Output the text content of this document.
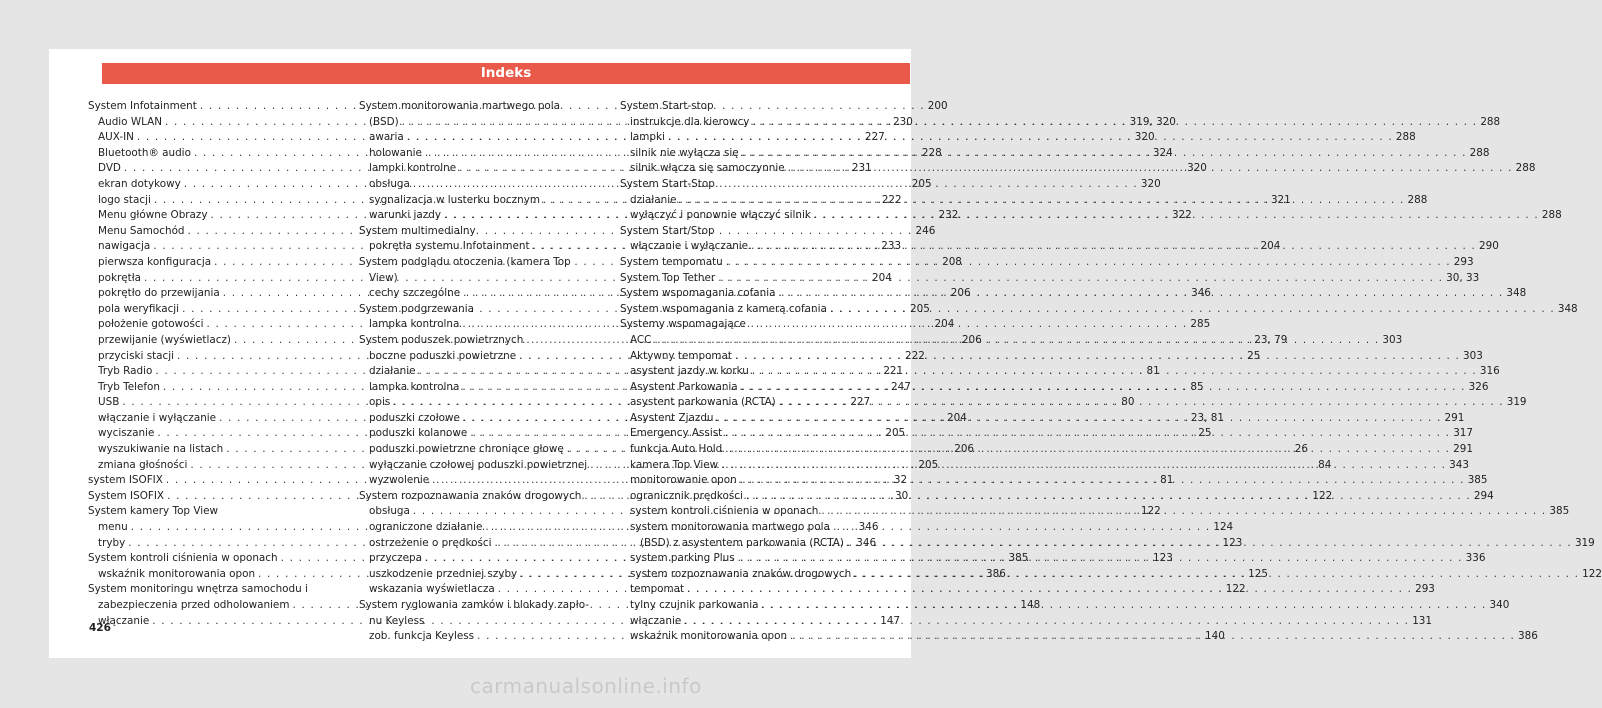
Indeks
System Infotainment . . .	200
Audio WLAN . . .	230
AUX-IN . . .	227
Bluetooth® audio . . .	228
DVD . . .	231
ekran dotykowy . . .	205
logo stacji . . .	222
Menu główne Obrazy . . .	232
Menu Samochód . . .	246
nawigacja . . .	233
pierwsza konfiguracja . . .	208
pokrętła . . .	204
pokrętło do przewijania . . .	206
pola weryfikacji . . .	205
położenie gotowości . . .	204
przewijanie (wyświetlacz) . . .	206
przyciski stacji . . .	222
Tryb Radio . . .	221
Tryb Telefon . . .	247
USB . . .	227
włączanie i wyłączanie . . .	204
wyciszanie . . .	205
wyszukiwanie na listach . . .	206
zmiana głośności . . .	205
system ISOFIX . . .	32
System ISOFIX . . .	30
System kamery Top View
menu . . .	346
tryby . . .	346
System kontroli ciśnienia w oponach . . .	385
wskaźnik monitorowania opon . . .	386
System monitoringu wnętrza samochodu i
zabezpieczenia przed odholowaniem . . .	148
włączanie . . .	147
System monitorowania martwego pola
(BSD) . . .	319, 320
awaria . . .	320
holowanie . . .	324
lampki kontrolne . . .	320
obsługa . . .	320
sygnalizacja w lusterku bocznym . . .	321
warunki jazdy . . .	322
System multimedialny
pokrętła systemu Infotainment . . .	204
System podglądu otoczenia (kamera Top
View)
cechy szczególne . . .	346
System podgrzewania
lampka kontrolna . . .	285
System poduszek powietrznych . . .	23, 79
boczne poduszki powietrzne . . .	25
działanie . . .	81
lampka kontrolna . . .	85
opis . . .	80
poduszki czołowe . . .	23, 81
poduszki kolanowe . . .	25
poduszki powietrzne chroniące głowę . . .	26
wyłączanie czołowej poduszki powietrznej . . .	84
wyzwolenie . . .	81
System rozpoznawania znaków drogowych . . .	122
obsługa . . .	122
ograniczone działanie . . .	124
ostrzeżenie o prędkości . . .	123
przyczepa . . .	123
uszkodzenie przedniej szyby . . .	125
wskazania wyświetlacza . . .	122
System ryglowania zamków i blokady zapło-
nu Keyless
zob. funkcja Keyless . . .	140
System Start-stop
instrukcje dla kierowcy . . .	288
lampki . . .	288
silnik nie wyłącza się . . .	288
silnik włącza się samoczynnie . . .	288
System Start-Stop
działanie . . .	288
wyłączyć i ponownie włączyć silnik . . .	288
System Start/Stop
włączanie i wyłączanie . . .	290
System tempomatu . . .	293
System Top Tether . . .	30, 33
System wspomagania cofania . . .	348
System wspomagania z kamerą cofania . . .	348
Systemy wspomagające
ACC . . .	303
Aktywny tempomat . . .	303
asystent jazdy w korku . . .	316
Asystent Parkowania . . .	326
asystent parkowania (RCTA) . . .	319
Asystent Zjazdu . . .	291
Emergency Assist . . .	317
funkcja Auto Hold . . .	291
kamera Top View . . .	343
monitorowanie opon . . .	385
ogranicznik prędkości . . .	294
system kontroli ciśnienia w oponach . . .	385
system monitorowania martwego pola
(BSD) z asystentem parkowania (RCTA) . . .	319
system parking Plus . . .	336
system rozpoznawania znaków drogowych . . .	122
tempomat . . .	293
tylny czujnik parkowania . . .	340
włączanie . . .	131
wskaźnik monitorowania opon . . .	386
426
carmanualsonline.info
